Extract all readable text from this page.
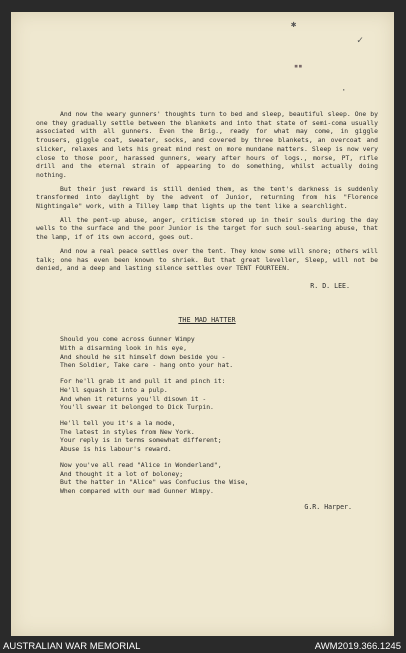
✱
✓
▪▪
·

And now the weary gunners' thoughts turn to bed and sleep, beautiful sleep. One by one they gradually settle between the blankets and into that state of semi-coma usually associated with all gunners. Even the Brig., ready for what may come, in giggle trousers, giggle coat, sweater, socks, and covered by three blankets, an overcoat and slicker, relaxes and lets his great mind rest on more mundane matters. Sleep is now very close to those poor, harassed gunners, weary after hours of logs., morse, PT, rifle drill and the eternal strain of appearing to do something, whilst actually doing nothing.

But their just reward is still denied them, as the tent's darkness is suddenly transformed into daylight by the advent of Junior, returning from his "Florence Nightingale" work, with a Tilley lamp that lights up the tent like a searchlight.

All the pent-up abuse, anger, criticism stored up in their souls during the day wells to the surface and the poor Junior is the target for such soul-searing abuse, that the lamp, if of its own accord, goes out.

And now a real peace settles over the tent. They know some will snore; others will talk; one has even been known to shriek. But that great leveller, Sleep, will not be denied, and a deep and lasting silence settles over TENT FOURTEEN.

R. D. LEE.
THE MAD HATTER
Should you come across Gunner Wimpy
With a disarming look in his eye,
And should he sit himself down beside you -
Then Soldier, Take care - hang onto your hat.
For he'll grab it and pull it and pinch it:
He'll squash it into a pulp.
And when it returns you'll disown it -
You'll swear it belonged to Dick Turpin.
He'll tell you it's a la mode,
The latest in styles from New York.
Your reply is in terms somewhat different;
Abuse is his labour's reward.
Now you've all read "Alice in Wonderland",
And thought it a lot of boloney;
But the hatter in "Alice" was Confucius the Wise,
When compared with our mad Gunner Wimpy.
G.R. Harper.
AUSTRALIAN WAR MEMORIAL	AWM2019.366.1245
